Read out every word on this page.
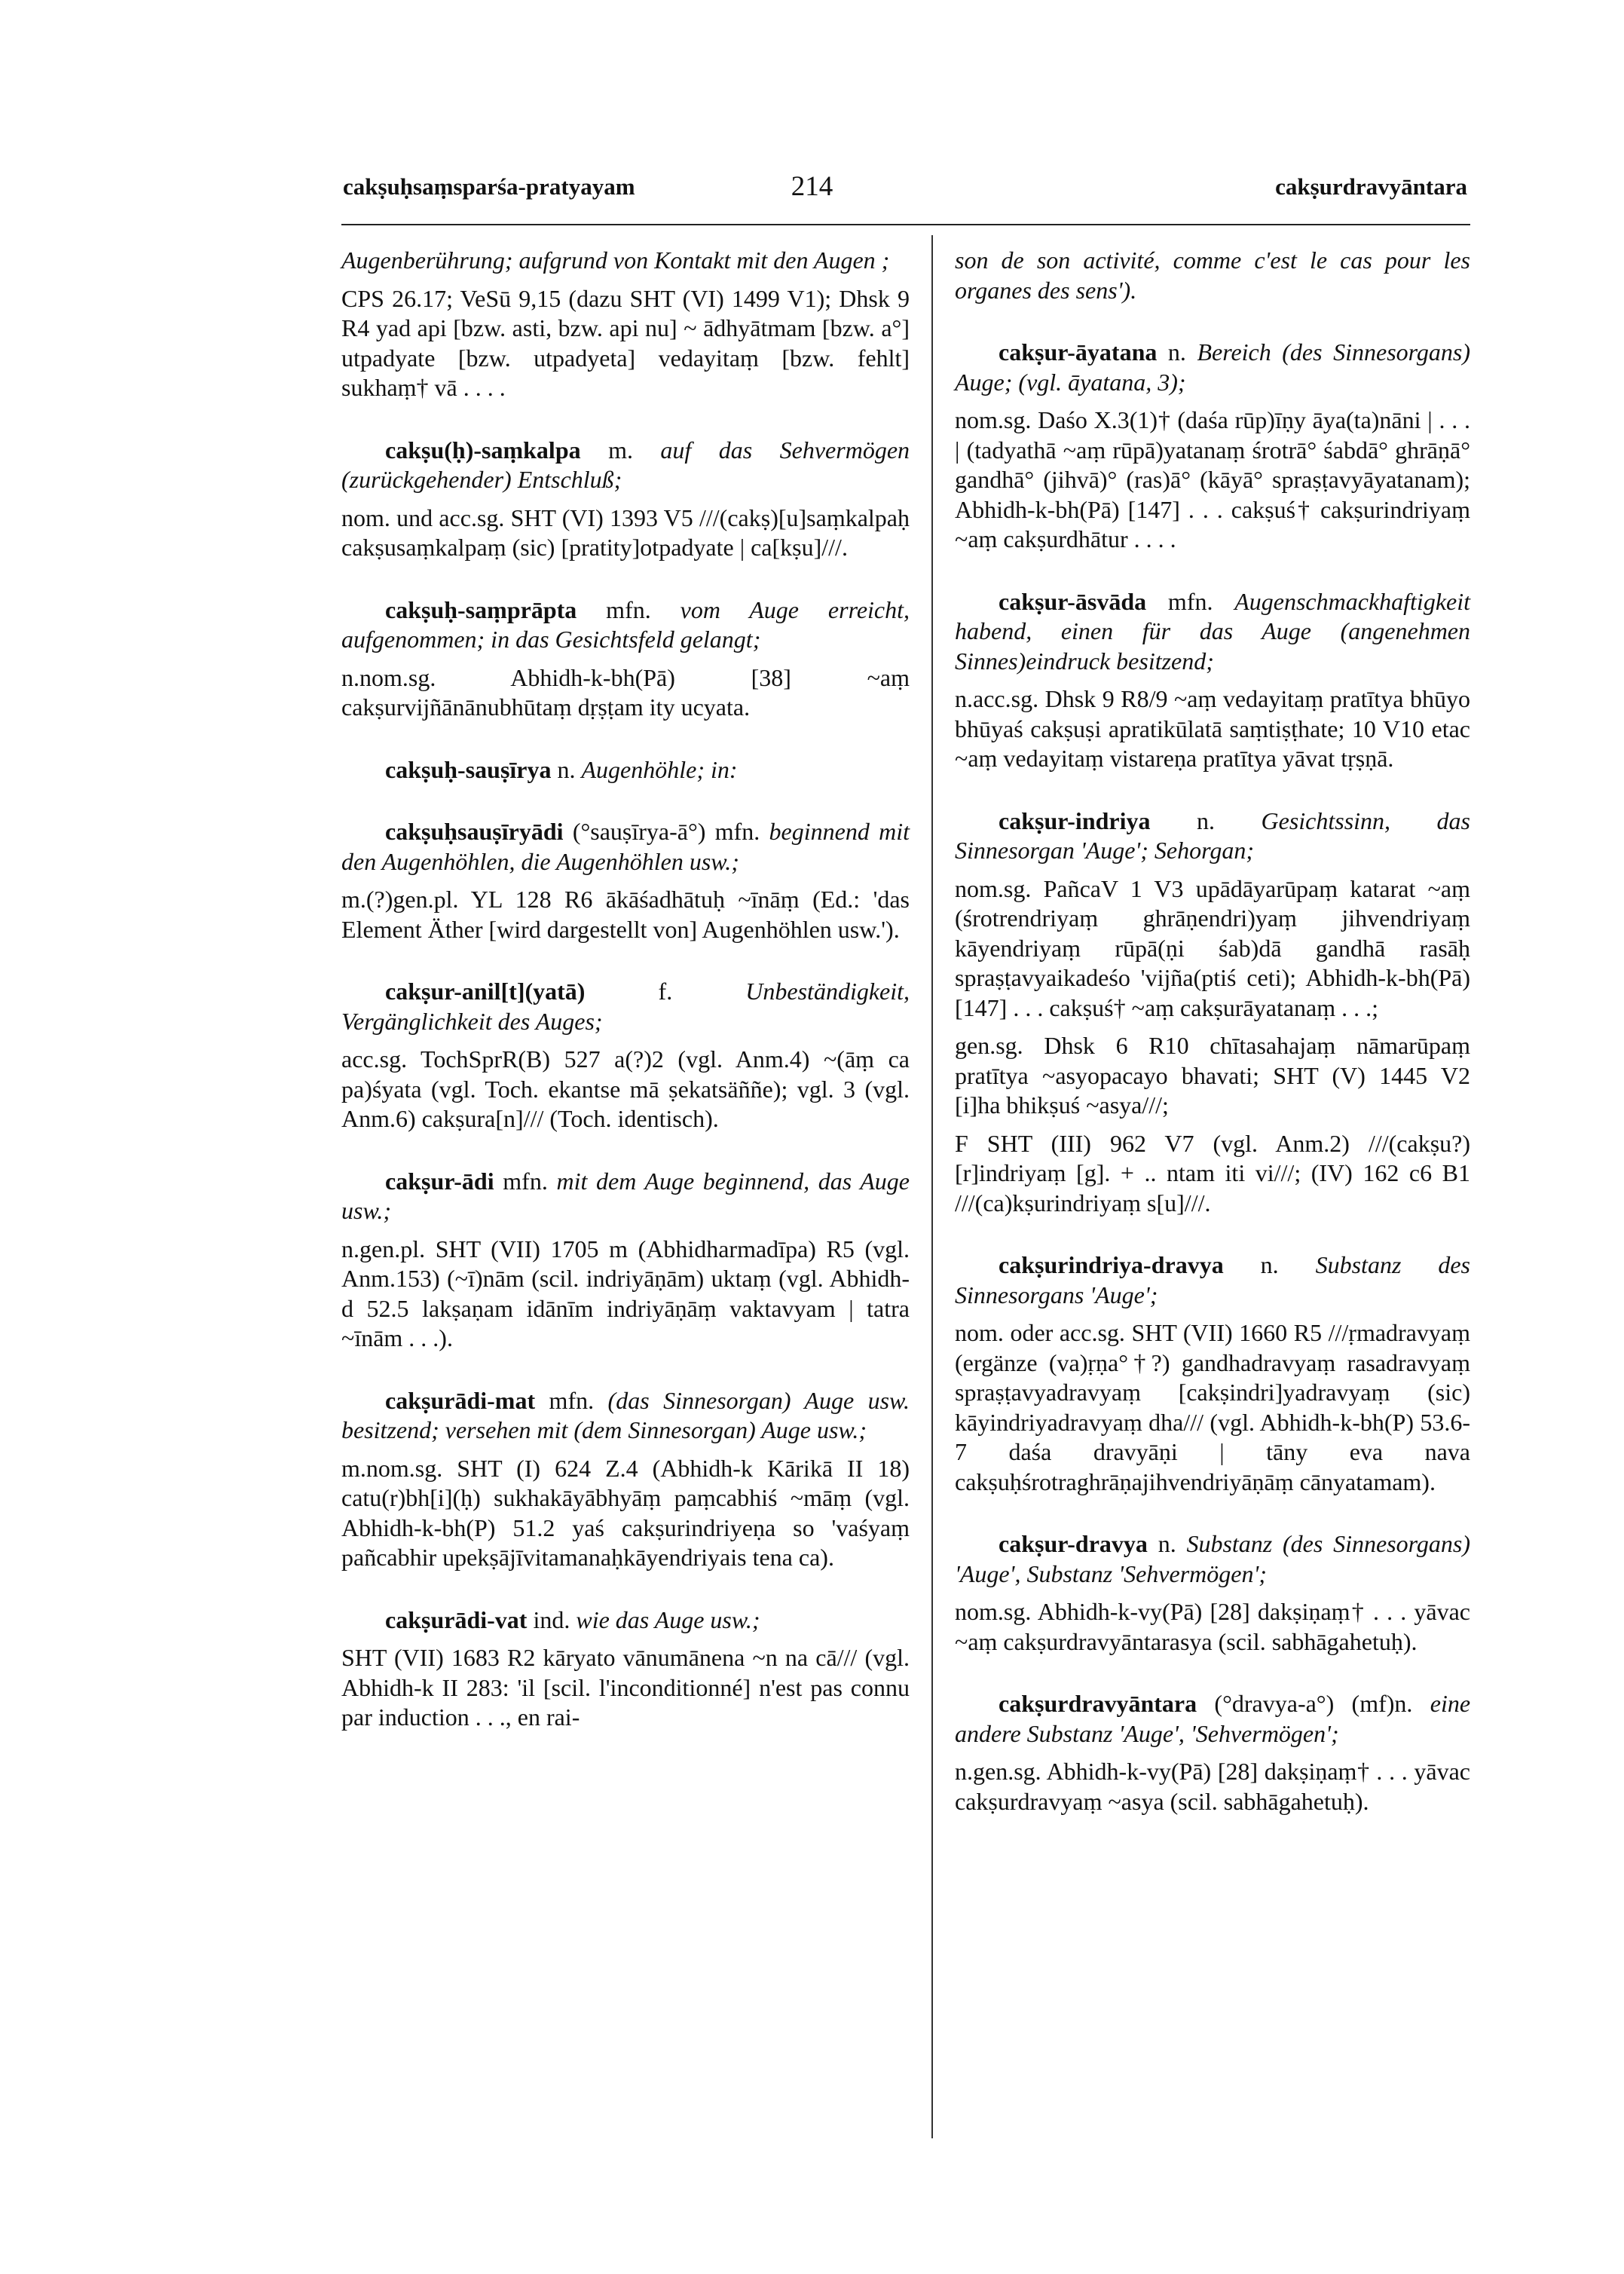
cakṣuḥsaṃsparśa-pratyayam	214	cakṣurdravyāntara

Augenberührung; aufgrund von Kontakt mit den Augen ;

CPS 26.17; VeSū 9,15 (dazu SHT (VI) 1499 V1); Dhsk 9 R4 yad api [bzw. asti, bzw. api nu] ~ ādhyātmam [bzw. a°] utpadyate [bzw. utpadyeta] vedayitaṃ [bzw. fehlt] sukhaṃ† vā . . . .

cakṣu(ḥ)-saṃkalpa m. auf das Sehvermögen (zurückgehender) Entschluß;

nom. und acc.sg. SHT (VI) 1393 V5 ///(cakṣ)[u]saṃkalpaḥ cakṣusaṃkalpaṃ (sic) [pratity]otpadyate | ca[kṣu]///.

cakṣuḥ-saṃprāpta mfn. vom Auge erreicht, aufgenommen; in das Gesichtsfeld gelangt;

n.nom.sg. Abhidh-k-bh(Pā) [38] ~aṃ cakṣurvijñānānubhūtaṃ dṛṣṭam ity ucyata.

cakṣuḥ-sauṣīrya n. Augenhöhle; in:

cakṣuḥsauṣīryādi (°sauṣīrya-ā°) mfn. beginnend mit den Augenhöhlen, die Augenhöhlen usw.;

m.(?)gen.pl. YL 128 R6 ākāśadhātuḥ ~īnāṃ (Ed.: 'das Element Äther [wird dargestellt von] Augenhöhlen usw.').

cakṣur-anil[t](yatā)	f.	Unbeständigkeit, Vergänglichkeit des Auges;

acc.sg. TochSprR(B) 527 a(?)2 (vgl. Anm.4) ~(āṃ ca pa)śyata (vgl. Toch. ekantse mā ṣekatsäññe); vgl. 3 (vgl. Anm.6) cakṣura[n]/// (Toch. identisch).

cakṣur-ādi mfn. mit dem Auge beginnend, das Auge usw.;

n.gen.pl. SHT (VII) 1705 m (Abhidharmadīpa) R5 (vgl. Anm.153) (~ī)nām (scil. indriyāṇām) uktaṃ (vgl. Abhidh-d 52.5 lakṣaṇam idānīm indriyāṇāṃ vaktavyam | tatra ~īnām . . .).

cakṣurādi-mat mfn. (das Sinnesorgan) Auge usw. besitzend; versehen mit (dem Sinnesorgan) Auge usw.;

m.nom.sg. SHT (I) 624 Z.4 (Abhidh-k Kārikā II 18) catu(r)bh[i](ḥ) sukhakāyābhyāṃ paṃcabhiś ~māṃ (vgl. Abhidh-k-bh(P) 51.2 yaś cakṣurindriyeṇa so 'vaśyaṃ pañcabhir upekṣājīvitamanaḥkāyendriyais tena ca).

cakṣurādi-vat ind. wie das Auge usw.;

SHT (VII) 1683 R2 kāryato vānumānena ~n na cā/// (vgl. Abhidh-k II 283: 'il [scil. l'inconditionné] n'est pas connu par induction . . ., en rai-

son de son activité, comme c'est le cas pour les organes des sens').

cakṣur-āyatana n. Bereich (des Sinnesorgans) Auge; (vgl. āyatana, 3);

nom.sg. Daśo X.3(1)† (daśa rūp)īṇy āya(ta)nāni | . . . | (tadyathā ~aṃ rūpā)yatanaṃ śrotrā° śabdā° ghrāṇā° gandhā° (jihvā)° (ras)ā° (kāyā° spraṣṭavyāyatanam); Abhidh-k-bh(Pā) [147] . . . cakṣuś† cakṣurindriyaṃ ~aṃ cakṣurdhātur . . . .

cakṣur-āsvāda mfn. Augenschmackhaftigkeit habend, einen für das Auge (angenehmen Sinnes)eindruck besitzend;

n.acc.sg. Dhsk 9 R8/9 ~aṃ vedayitaṃ pratītya bhūyo bhūyaś cakṣuṣi apratikūlatā saṃtiṣṭhate; 10 V10 etac ~aṃ vedayitaṃ vistareṇa pratītya yāvat tṛṣṇā.

cakṣur-indriya n. Gesichtssinn, das Sinnesorgan 'Auge'; Sehorgan;

nom.sg. PañcaV 1 V3 upādāyarūpaṃ katarat ~aṃ (śrotrendriyaṃ ghrāṇendri)yaṃ jihvendriyaṃ kāyendriyaṃ rūpā(ṇi śab)dā gandhā rasāḥ spraṣṭavyaikadeśo 'vijña(ptiś ceti); Abhidh-k-bh(Pā) [147] . . . cakṣuś† ~aṃ cakṣurāyatanaṃ . . .;

gen.sg. Dhsk 6 R10 chītasahajaṃ nāmarūpaṃ pratītya ~asyopacayo bhavati; SHT (V) 1445 V2 [i]ha bhikṣuś ~asya///;

F SHT (III) 962 V7 (vgl. Anm.2) ///(cakṣu?)[r]indriyaṃ [g]. + .. ntam iti vi///; (IV) 162 c6 B1 ///(ca)kṣurindriyaṃ s[u]///.

cakṣurindriya-dravya n. Substanz des Sinnesorgans 'Auge';

nom. oder acc.sg. SHT (VII) 1660 R5 ///ṛmadravyaṃ (ergänze (va)ṛṇa°†?) gandhadravyaṃ rasadravyaṃ spraṣṭavyadravyaṃ [cakṣindri]yadravyaṃ (sic) kāyindriyadravyaṃ dha/// (vgl. Abhidh-k-bh(P) 53.6-7 daśa dravyāṇi | tāny eva nava cakṣuḥśrotraghrāṇajihvendriyāṇāṃ cānyatamam).

cakṣur-dravya n. Substanz (des Sinnesorgans) 'Auge', Substanz 'Sehvermögen';

nom.sg. Abhidh-k-vy(Pā) [28] dakṣiṇaṃ† . . . yāvac ~aṃ cakṣurdravyāntarasya (scil. sabhāgahetuḥ).

cakṣurdravyāntara (°dravya-a°) (mf)n. eine andere Substanz 'Auge', 'Sehvermögen';

n.gen.sg. Abhidh-k-vy(Pā) [28] dakṣiṇaṃ† . . . yāvac cakṣurdravyaṃ ~asya (scil. sabhāgahetuḥ).
